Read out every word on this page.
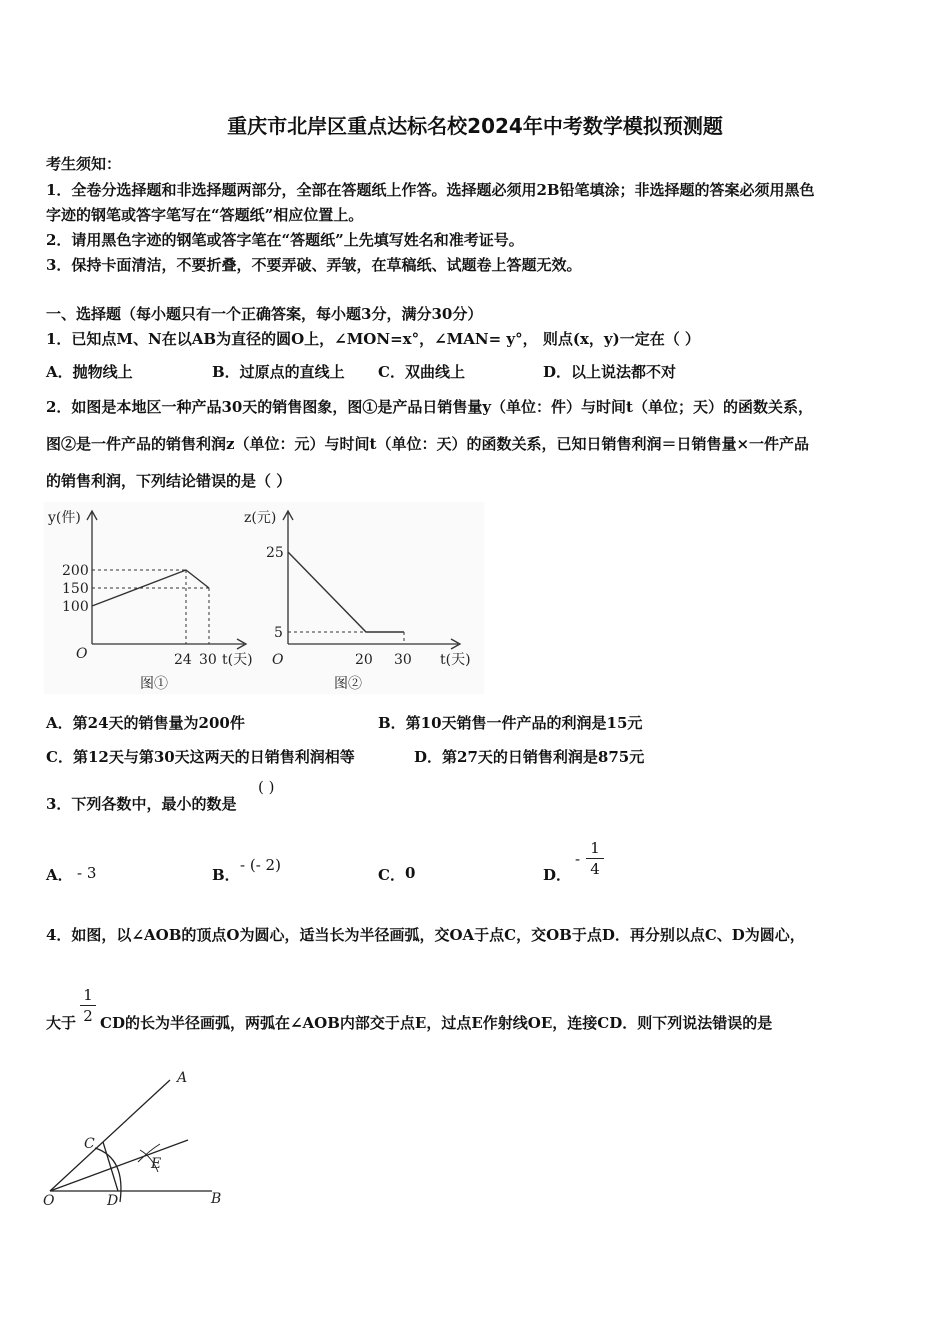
重庆市北岸区重点达标名校2024年中考数学模拟预测题
考生须知：
1．全卷分选择题和非选择题两部分，全部在答题纸上作答。选择题必须用2B铅笔填涂；非选择题的答案必须用黑色
字迹的钢笔或答字笔写在“答题纸”相应位置上。
2．请用黑色字迹的钢笔或答字笔在“答题纸”上先填写姓名和准考证号。
3．保持卡面清洁，不要折叠，不要弄破、弄皱，在草稿纸、试题卷上答题无效。
一、选择题（每小题只有一个正确答案，每小题3分，满分30分）
1．已知点M、N在以AB为直径的圆O上，∠MON=x°，∠MAN= y°， 则点(x，y)一定在（ ）
A．抛物线上	B．过原点的直线上 C．双曲线上	D．以上说法都不对
2．如图是本地区一种产品30天的销售图象，图①是产品日销售量y（单位：件）与时间t（单位；天）的函数关系，
图②是一件产品的销售利润z（单位：元）与时间t（单位：天）的函数关系，已知日销售利润＝日销售量×一件产品
的销售利润，下列结论错误的是（ ）
y(件)
200
150
100
O	24 30 t(天)
图①
z(元)
25
5
O	20 30 t(天)
图②
A．第24天的销售量为200件	B．第10天销售一件产品的利润是15元
C．第12天与第30天这两天的日销售利润相等	D．第27天的日销售利润是875元
3．下列各数中，最小的数是
( )
A． - 3	B．
- (- 2)
C． 0	D．
-
1
4
4．如图，以∠AOB的顶点O为圆心，适当长为半径画弧，交OA于点C，交OB于点D．再分别以点C、D为圆心，
大于
1
2 CD的长为半径画弧，两弧在∠AOB内部交于点E，过点E作射线OE，连接CD．则下列说法错误的是
A
B
C
D
E
O
